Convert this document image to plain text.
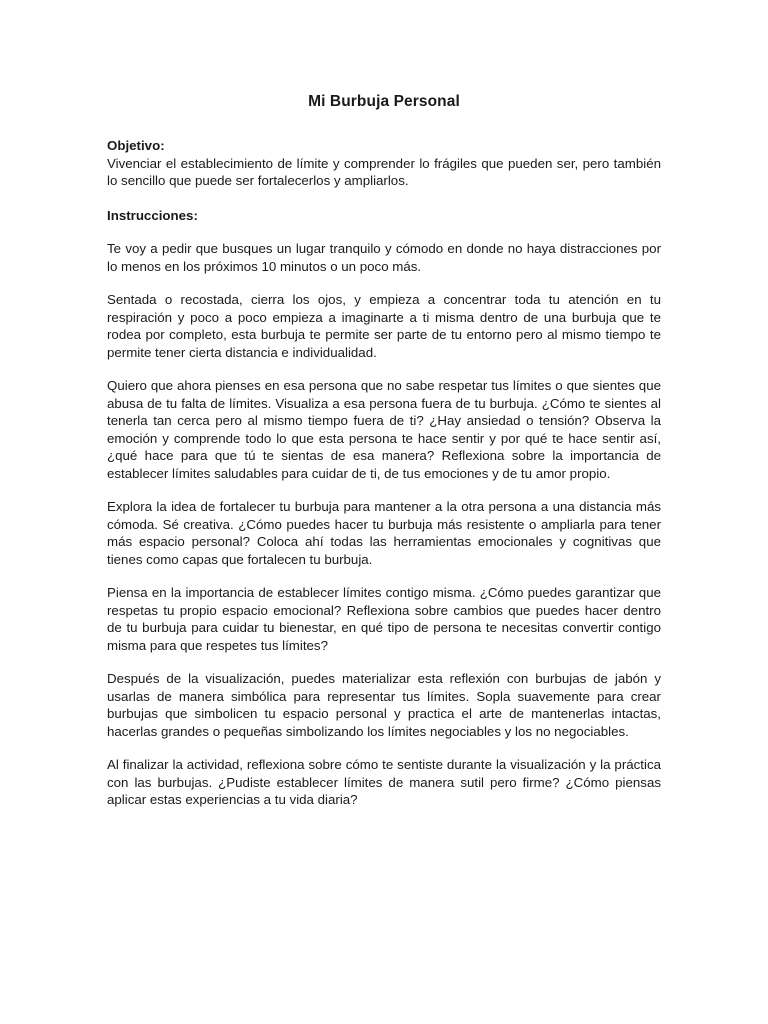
Mi Burbuja Personal
Objetivo:

Vivenciar el establecimiento de límite y comprender lo frágiles que pueden ser, pero también lo sencillo que puede ser fortalecerlos y ampliarlos.

Instrucciones:

Te voy a pedir que busques un lugar tranquilo y cómodo en donde no haya distracciones por lo menos en los próximos 10 minutos o un poco más.

Sentada o recostada, cierra los ojos, y empieza a concentrar toda tu atención en tu respiración y poco a poco empieza a imaginarte a ti misma dentro de una burbuja que te rodea por completo, esta burbuja te permite ser parte de tu entorno pero al mismo tiempo te permite tener cierta distancia e individualidad.

Quiero que ahora pienses en esa persona que no sabe respetar tus límites o que sientes que abusa de tu falta de límites. Visualiza a esa persona fuera de tu burbuja. ¿Cómo te sientes al tenerla tan cerca pero al mismo tiempo fuera de ti? ¿Hay ansiedad o tensión? Observa la emoción y comprende todo lo que esta persona te hace sentir y por qué te hace sentir así, ¿qué hace para que tú te sientas de esa manera? Reflexiona sobre la importancia de establecer límites saludables para cuidar de ti, de tus emociones y de tu amor propio.

Explora la idea de fortalecer tu burbuja para mantener a la otra persona a una distancia más cómoda. Sé creativa. ¿Cómo puedes hacer tu burbuja más resistente o ampliarla para tener más espacio personal? Coloca ahí todas las herramientas emocionales y cognitivas que tienes como capas que fortalecen tu burbuja.

Piensa en la importancia de establecer límites contigo misma. ¿Cómo puedes garantizar que respetas tu propio espacio emocional? Reflexiona sobre cambios que puedes hacer dentro de tu burbuja para cuidar tu bienestar, en qué tipo de persona te necesitas convertir contigo misma para que respetes tus límites?

Después de la visualización, puedes materializar esta reflexión con burbujas de jabón y usarlas de manera simbólica para representar tus límites. Sopla suavemente para crear burbujas que simbolicen tu espacio personal y practica el arte de mantenerlas intactas, hacerlas grandes o pequeñas simbolizando los límites negociables y los no negociables.

Al finalizar la actividad, reflexiona sobre cómo te sentiste durante la visualización y la práctica con las burbujas. ¿Pudiste establecer límites de manera sutil pero firme? ¿Cómo piensas aplicar estas experiencias a tu vida diaria?
